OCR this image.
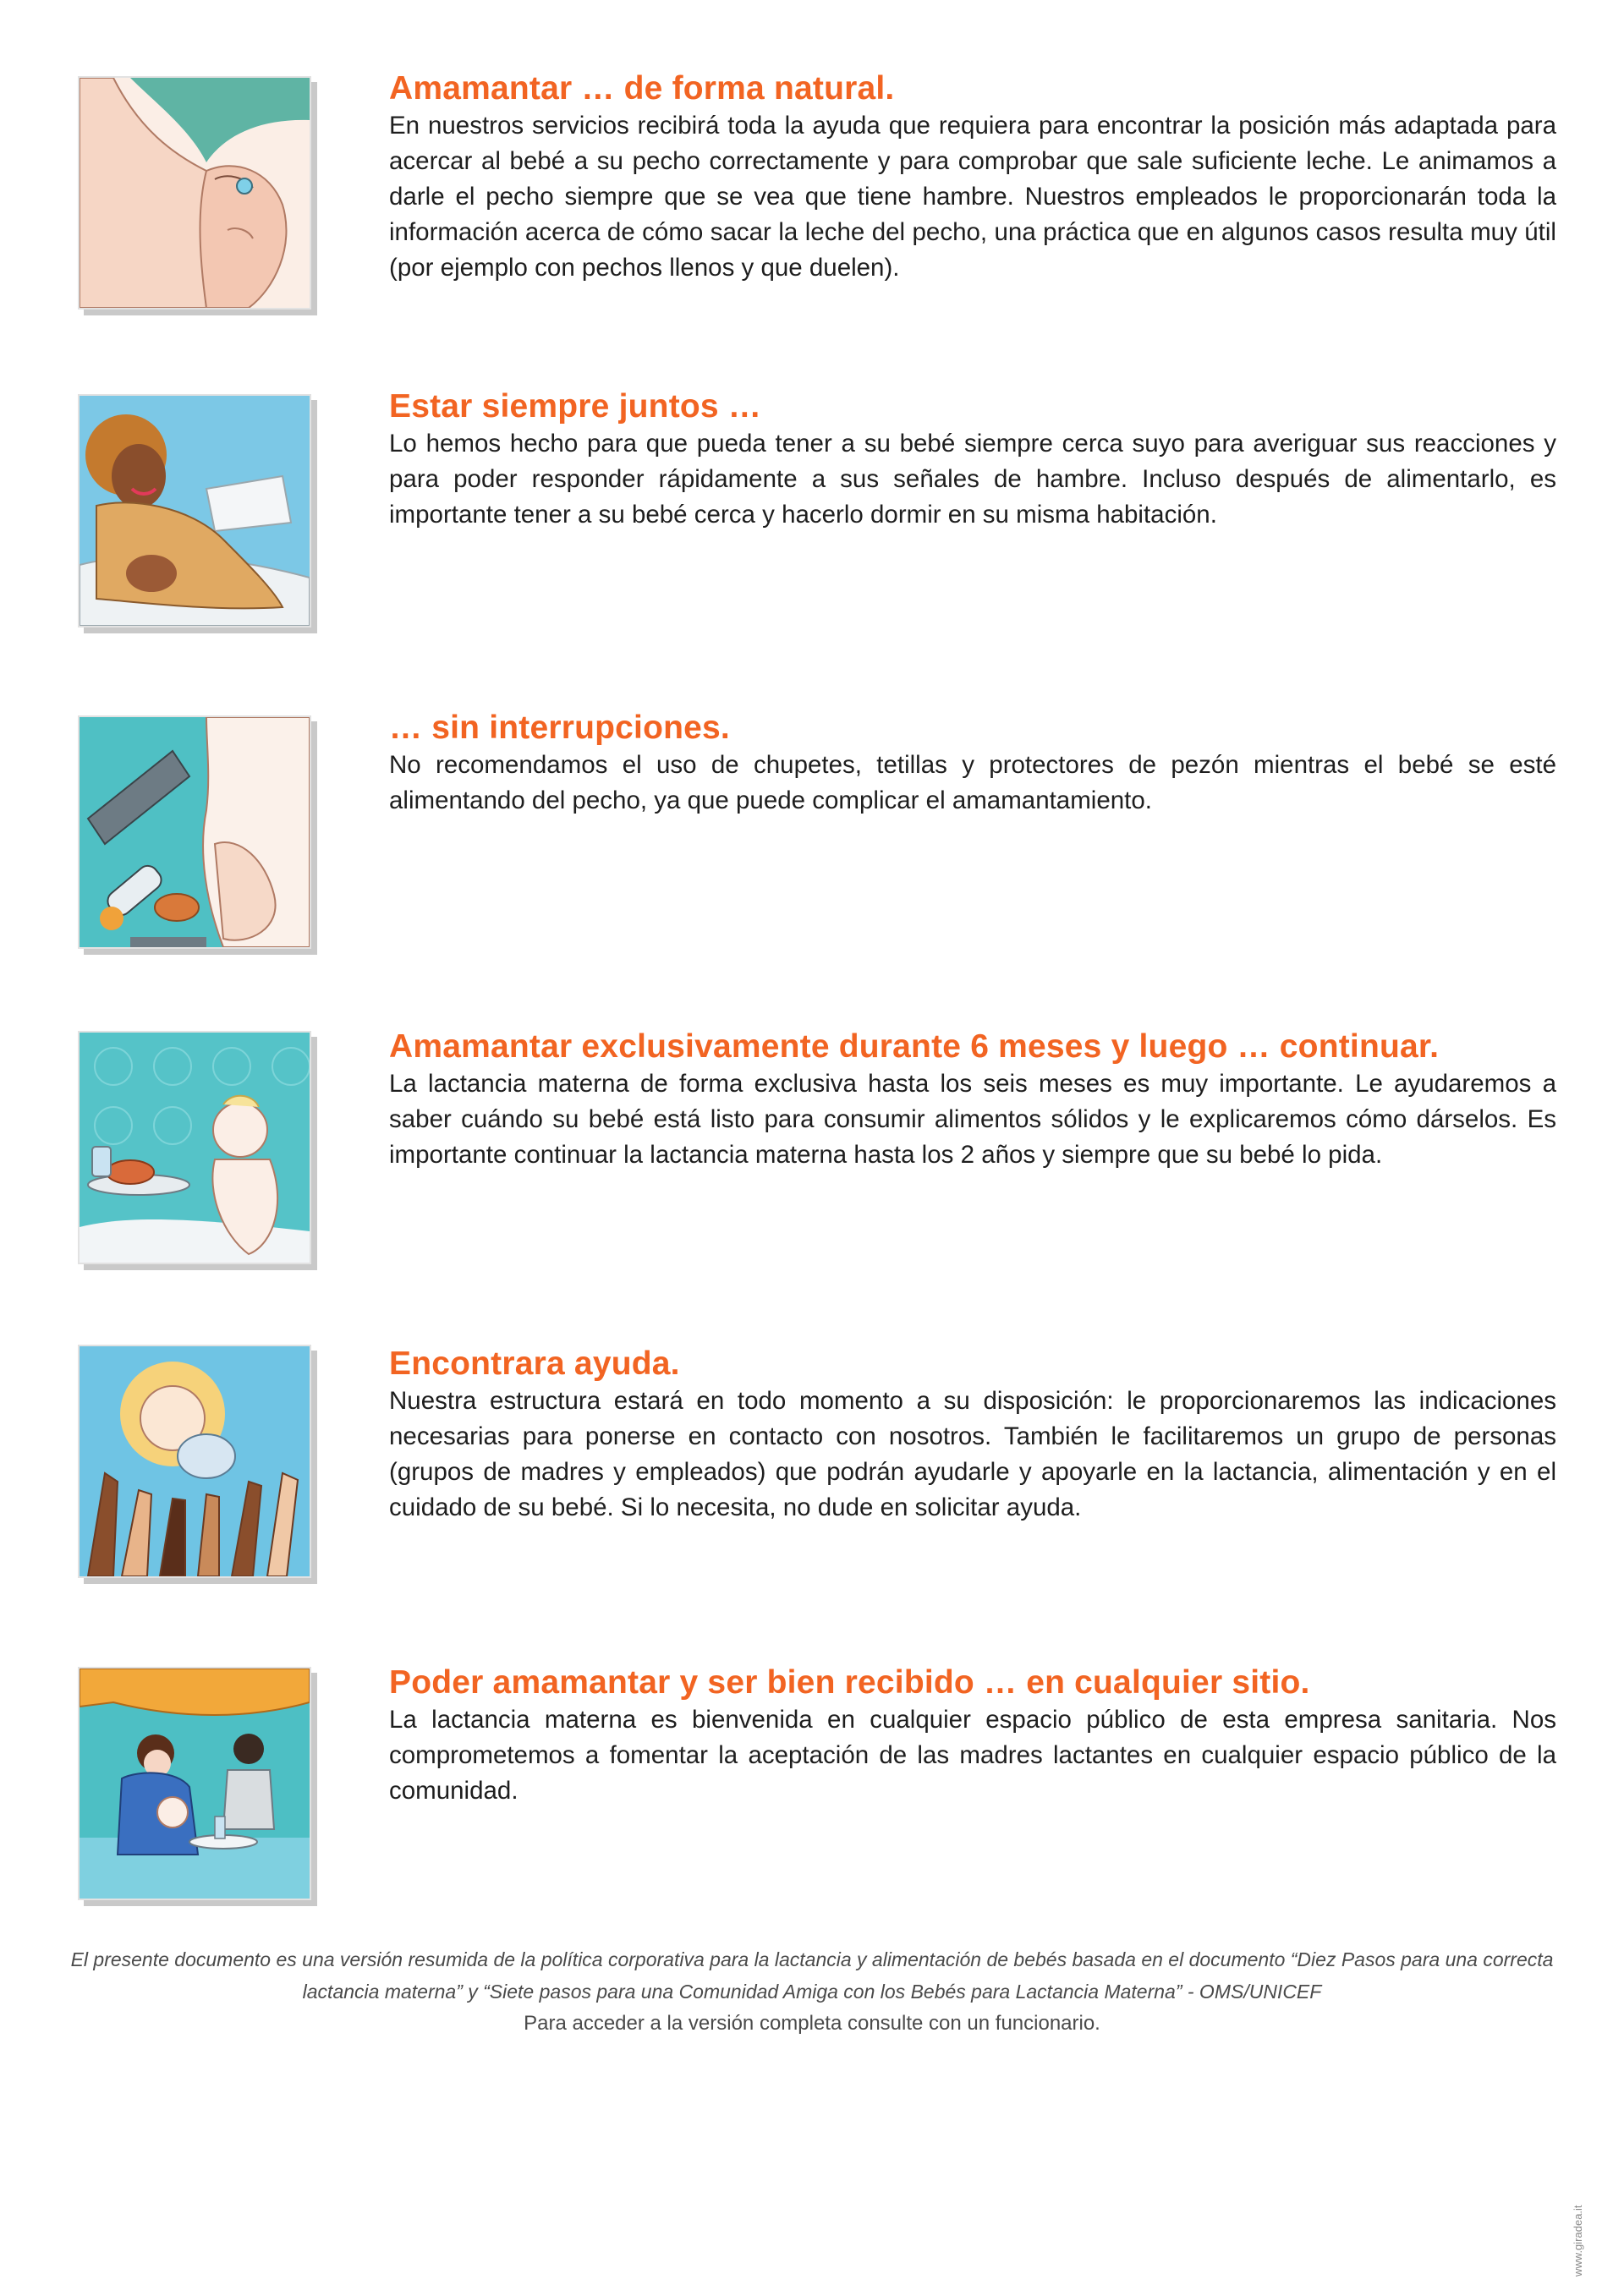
Amamantar … de forma natural.

En nuestros servicios recibirá toda la ayuda que requiera para encontrar la posición más adaptada para acercar al bebé a su pecho correctamente y para comprobar que sale suficiente leche. Le animamos a darle el pecho siempre que se vea que tiene hambre. Nuestros empleados le proporcionarán toda la información acerca de cómo sacar la leche del pecho, una práctica que en algunos casos resulta muy útil (por ejemplo con pechos llenos y que duelen).

Estar siempre juntos …

Lo hemos hecho para que pueda tener a su bebé siempre cerca suyo para averiguar sus reacciones y para poder responder rápidamente a sus señales de hambre. Incluso después de alimentarlo, es importante tener a su bebé cerca y hacerlo dormir en su misma habitación.

… sin interrupciones.

No recomendamos el uso de chupetes, tetillas y protectores de pezón mientras el bebé se esté alimentando del pecho, ya que puede complicar el amamantamiento.

Amamantar exclusivamente durante 6 meses y luego … continuar.

La lactancia materna de forma exclusiva hasta los seis meses es muy importante. Le ayudaremos a saber cuándo su bebé está listo para consumir alimentos sólidos y le explicaremos cómo dárselos. Es importante continuar la lactancia materna hasta los 2 años y siempre que su bebé lo pida.

Encontrara ayuda.

Nuestra estructura estará en todo momento a su disposición: le proporcionaremos las indicaciones necesarias para ponerse en contacto con nosotros. También le facilitaremos un grupo de personas (grupos de madres y empleados) que podrán ayudarle y apoyarle en la lactancia, alimentación y en el cuidado de su bebé. Si lo necesita, no dude en solicitar ayuda.

Poder amamantar y ser bien recibido … en cualquier sitio.

La lactancia materna es bienvenida en cualquier espacio público de esta empresa sanitaria. Nos comprometemos a fomentar la aceptación de las madres lactantes en cualquier espacio público de la comunidad.

El presente documento es una versión resumida de la política corporativa para la lactancia y alimentación de bebés basada en el documento “Diez Pasos para una correcta lactancia materna” y “Siete pasos para una Comunidad Amiga con los Bebés para Lactancia Materna” - OMS/UNICEF

Para acceder a la versión completa consulte con un funcionario.

www.giradea.it
